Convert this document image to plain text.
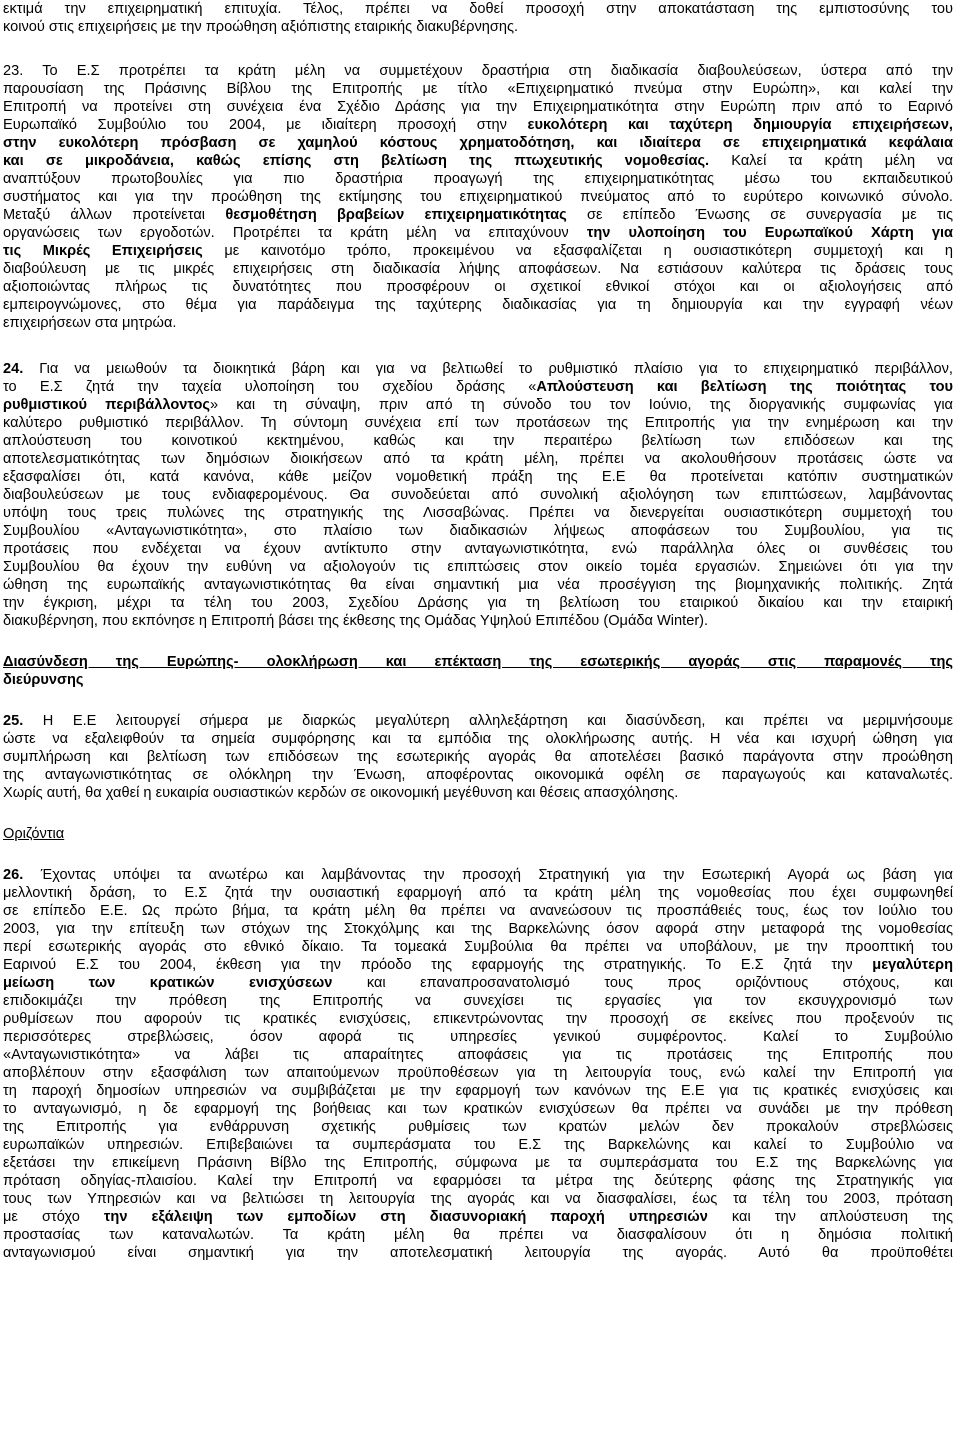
εκτιμά την επιχειρηματική επιτυχία. Τέλος, πρέπει να δοθεί προσοχή στην αποκατάσταση της εμπιστοσύνης του
κοινού στις επιχειρήσεις με την προώθηση αξιόπιστης εταιρικής διακυβέρνησης.
23. Το Ε.Σ προτρέπει τα κράτη μέλη να συμμετέχουν δραστήρια στη διαδικασία διαβουλεύσεων, ύστερα από την
παρουσίαση της Πράσινης Βίβλου της Επιτροπής με τίτλο «Επιχειρηματικό πνεύμα στην Ευρώπη», και καλεί την
Επιτροπή να προτείνει στη συνέχεια ένα Σχέδιο Δράσης για την Επιχειρηματικότητα στην Ευρώπη πριν από το Εαρινό
Ευρωπαϊκό Συμβούλιο του 2004, με ιδιαίτερη προσοχή στην ευκολότερη και ταχύτερη δημιουργία επιχειρήσεων,
στην ευκολότερη πρόσβαση σε χαμηλού κόστους χρηματοδότηση, και ιδιαίτερα σε επιχειρηματικά κεφάλαια
και σε μικροδάνεια, καθώς επίσης στη βελτίωση της πτωχευτικής νομοθεσίας. Καλεί τα κράτη μέλη να
αναπτύξουν πρωτοβουλίες για πιο δραστήρια προαγωγή της επιχειρηματικότητας μέσω του εκπαιδευτικού
συστήματος και για την προώθηση της εκτίμησης του επιχειρηματικού πνεύματος από το ευρύτερο κοινωνικό σύνολο.
Μεταξύ άλλων προτείνεται θεσμοθέτηση βραβείων επιχειρηματικότητας σε επίπεδο Ένωσης σε συνεργασία με τις
οργανώσεις των εργοδοτών. Προτρέπει τα κράτη μέλη να επιταχύνουν την υλοποίηση του Ευρωπαϊκού Χάρτη για
τις Μικρές Επιχειρήσεις με καινοτόμο τρόπο, προκειμένου να εξασφαλίζεται η ουσιαστικότερη συμμετοχή και η
διαβούλευση με τις μικρές επιχειρήσεις στη διαδικασία λήψης αποφάσεων. Να εστιάσουν καλύτερα τις δράσεις τους
αξιοποιώντας πλήρως τις δυνατότητες που προσφέρουν οι σχετικοί εθνικοί στόχοι και οι αξιολογήσεις από
εμπειρογνώμονες, στο θέμα για παράδειγμα της ταχύτερης διαδικασίας για τη δημιουργία και την εγγραφή νέων
επιχειρήσεων στα μητρώα.
24. Για να μειωθούν τα διοικητικά βάρη και για να βελτιωθεί το ρυθμιστικό πλαίσιο για το επιχειρηματικό περιβάλλον,
το Ε.Σ ζητά την ταχεία υλοποίηση του σχεδίου δράσης «Απλούστευση και βελτίωση της ποιότητας του
ρυθμιστικού περιβάλλοντος» και τη σύναψη, πριν από τη σύνοδο του τον Ιούνιο, της διοργανικής συμφωνίας για
καλύτερο ρυθμιστικό περιβάλλον. Τη σύντομη συνέχεια επί των προτάσεων της Επιτροπής για την ενημέρωση και την
απλούστευση του κοινοτικού κεκτημένου, καθώς και την περαιτέρω βελτίωση των επιδόσεων και της
αποτελεσματικότητας των δημόσιων διοικήσεων από τα κράτη μέλη, πρέπει να ακολουθήσουν προτάσεις ώστε να
εξασφαλίσει ότι, κατά κανόνα, κάθε μείζον νομοθετική πράξη της Ε.Ε θα προτείνεται κατόπιν συστηματικών
διαβουλεύσεων με τους ενδιαφερομένους. Θα συνοδεύεται από συνολική αξιολόγηση των επιπτώσεων, λαμβάνοντας
υπόψη τους τρεις πυλώνες της στρατηγικής της Λισσαβώνας. Πρέπει να διενεργείται ουσιαστικότερη συμμετοχή του
Συμβουλίου «Ανταγωνιστικότητα», στο πλαίσιο των διαδικασιών λήψεως αποφάσεων του Συμβουλίου, για τις
προτάσεις που ενδέχεται να έχουν αντίκτυπο στην ανταγωνιστικότητα, ενώ παράλληλα όλες οι συνθέσεις του
Συμβουλίου θα έχουν την ευθύνη να αξιολογούν τις επιπτώσεις στον οικείο τομέα εργασιών. Σημειώνει ότι για την
ώθηση της ευρωπαϊκής ανταγωνιστικότητας θα είναι σημαντική μια νέα προσέγγιση της βιομηχανικής πολιτικής. Ζητά
την έγκριση, μέχρι τα τέλη του 2003, Σχεδίου Δράσης για τη βελτίωση του εταιρικού δικαίου και την εταιρική
διακυβέρνηση, που εκπόνησε η Επιτροπή βάσει της έκθεσης της Ομάδας Υψηλού Επιπέδου (Ομάδα Winter).
Διασύνδεση της Ευρώπης- ολοκλήρωση και επέκταση της εσωτερικής αγοράς στις παραμονές της
διεύρυνσης
25. Η Ε.Ε λειτουργεί σήμερα με διαρκώς μεγαλύτερη αλληλεξάρτηση και διασύνδεση, και πρέπει να μεριμνήσουμε
ώστε να εξαλειφθούν τα σημεία συμφόρησης και τα εμπόδια της ολοκλήρωσης αυτής. Η νέα και ισχυρή ώθηση για
συμπλήρωση και βελτίωση των επιδόσεων της εσωτερικής αγοράς θα αποτελέσει βασικό παράγοντα στην προώθηση
της ανταγωνιστικότητας σε ολόκληρη την Ένωση, αποφέροντας οικονομικά οφέλη σε παραγωγούς και καταναλωτές.
Χωρίς αυτή, θα χαθεί η ευκαιρία ουσιαστικών κερδών σε οικονομική μεγέθυνση και θέσεις απασχόλησης.
Οριζόντια
26. Έχοντας υπόψει τα ανωτέρω και λαμβάνοντας την προσοχή Στρατηγική για την Εσωτερική Αγορά ως βάση για
μελλοντική δράση, το Ε.Σ ζητά την ουσιαστική εφαρμογή από τα κράτη μέλη της νομοθεσίας που έχει συμφωνηθεί
σε επίπεδο Ε.Ε. Ως πρώτο βήμα, τα κράτη μέλη θα πρέπει να ανανεώσουν τις προσπάθειές τους, έως τον Ιούλιο του
2003, για την επίτευξη των στόχων της Στοκχόλμης και της Βαρκελώνης όσον αφορά στην μεταφορά της νομοθεσίας
περί εσωτερικής αγοράς στο εθνικό δίκαιο. Τα τομεακά Συμβούλια θα πρέπει να υποβάλουν, με την προοπτική του
Εαρινού Ε.Σ του 2004, έκθεση για την πρόοδο της εφαρμογής της στρατηγικής. Το Ε.Σ ζητά την μεγαλύτερη
μείωση των κρατικών ενισχύσεων και επαναπροσανατολισμό τους προς οριζόντιους στόχους, και
επιδοκιμάζει την πρόθεση της Επιτροπής να συνεχίσει τις εργασίες για τον εκσυγχρονισμό των
ρυθμίσεων που αφορούν τις κρατικές ενισχύσεις, επικεντρώνοντας την προσοχή σε εκείνες που προξενούν τις
περισσότερες στρεβλώσεις, όσον αφορά τις υπηρεσίες γενικού συμφέροντος. Καλεί το Συμβούλιο
«Ανταγωνιστικότητα» να λάβει τις απαραίτητες αποφάσεις για τις προτάσεις της Επιτροπής που
αποβλέπουν στην εξασφάλιση των απαιτούμενων προϋποθέσεων για τη λειτουργία τους, ενώ καλεί την Επιτροπή για
τη παροχή δημοσίων υπηρεσιών να συμβιβάζεται με την εφαρμογή των κανόνων της Ε.Ε για τις κρατικές ενισχύσεις και
το ανταγωνισμό, η δε εφαρμογή της βοήθειας και των κρατικών ενισχύσεων θα πρέπει να συνάδει με την πρόθεση
της Επιτροπής για ενθάρρυνση σχετικής ρυθμίσεις των κρατών μελών δεν προκαλούν στρεβλώσεις
ευρωπαϊκών υπηρεσιών. Επιβεβαιώνει τα συμπεράσματα του Ε.Σ της Βαρκελώνης και καλεί το Συμβούλιο να
εξετάσει την επικείμενη Πράσινη Βίβλο της Επιτροπής, σύμφωνα με τα συμπεράσματα του Ε.Σ της Βαρκελώνης για
πρόταση οδηγίας-πλαισίου. Καλεί την Επιτροπή να εφαρμόσει τα μέτρα της δεύτερης φάσης της Στρατηγικής για
τους των Υπηρεσιών και να βελτιώσει τη λειτουργία της αγοράς και να διασφαλίσει, έως τα τέλη του 2003, πρόταση
με στόχο την εξάλειψη των εμποδίων στη διασυνοριακή παροχή υπηρεσιών και την απλούστευση της
προστασίας των καταναλωτών. Τα κράτη μέλη θα πρέπει να διασφαλίσουν ότι η δημόσια πολιτική
ανταγωνισμού είναι σημαντική για την αποτελεσματική λειτουργία της αγοράς. Αυτό θα προϋποθέτει
